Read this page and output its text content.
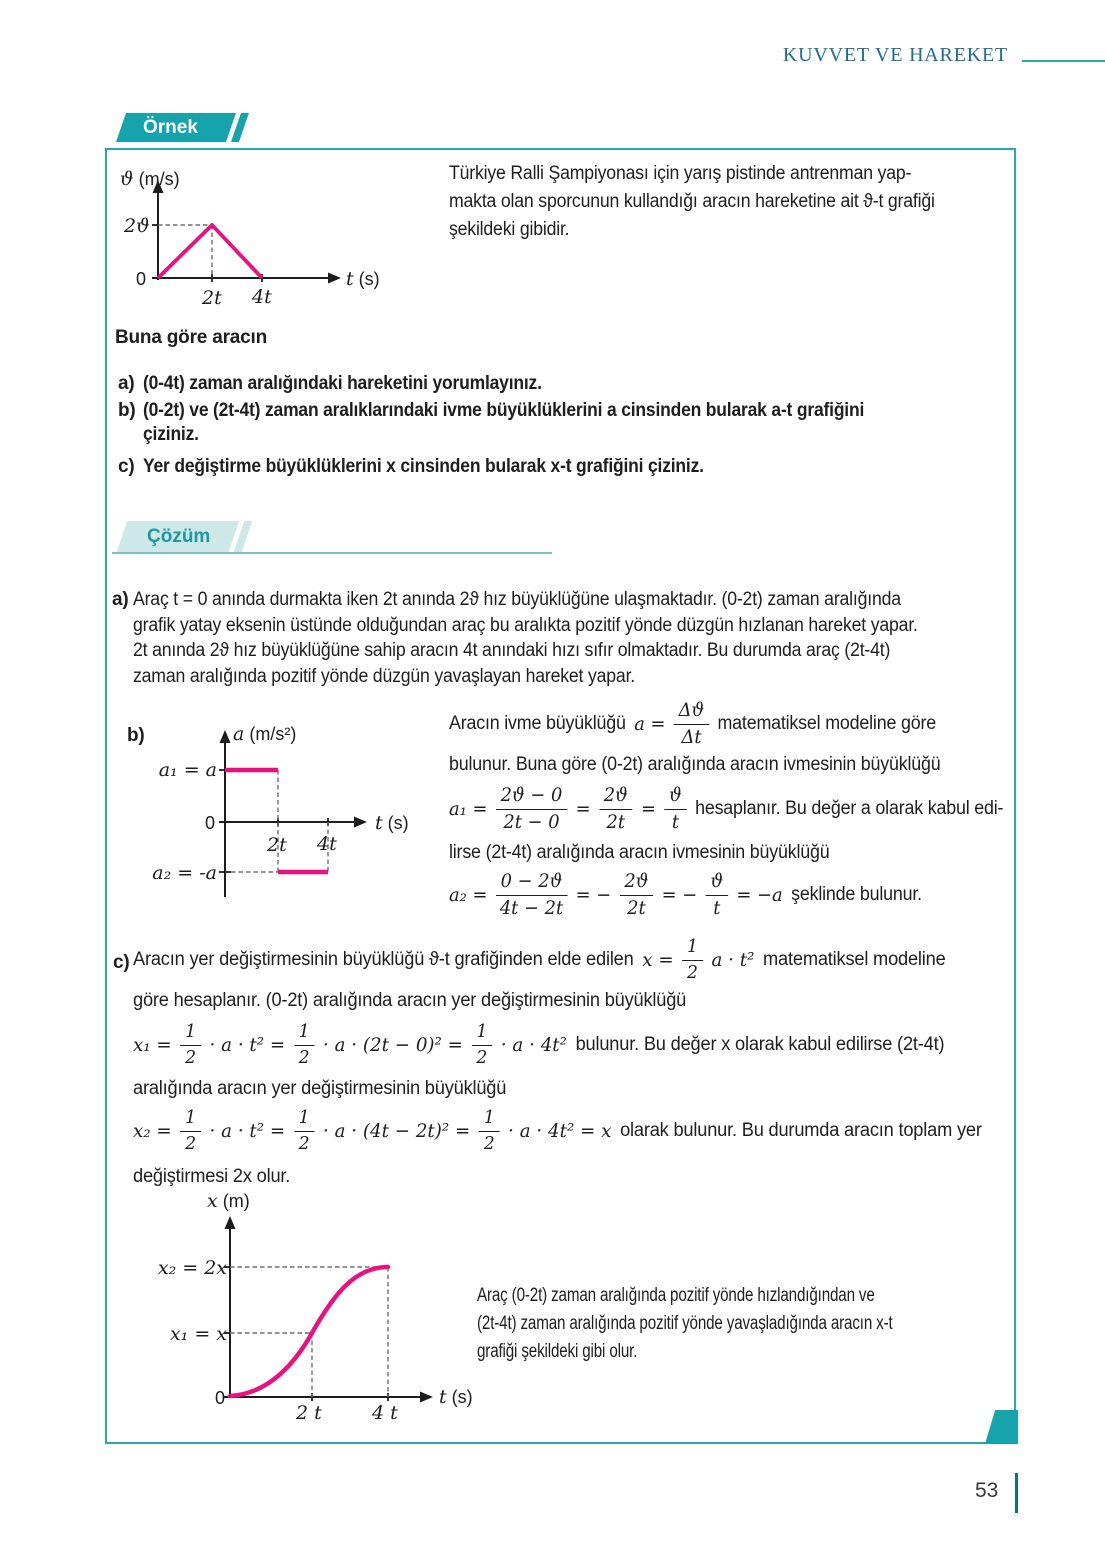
KUVVET VE HAREKET
Örnek
ϑ (m/s)
2ϑ
0
2t 4t
t (s)
Türkiye Ralli Şampiyonası için yarış pistinde antrenman yap-
makta olan sporcunun kullandığı aracın hareketine ait ϑ-t grafiği
şekildeki gibidir.
Buna göre aracın
a) (0-4t) zaman aralığındaki hareketini yorumlayınız.
b) (0-2t) ve (2t-4t) zaman aralıklarındaki ivme büyüklüklerini a cinsinden bularak a-t grafiğini
çiziniz.
c) Yer değiştirme büyüklüklerini x cinsinden bularak x-t grafiğini çiziniz.
Çözüm
a) Araç t = 0 anında durmakta iken 2t anında 2ϑ hız büyüklüğüne ulaşmaktadır. (0-2t) zaman aralığında
grafik yatay eksenin üstünde olduğundan araç bu aralıkta pozitif yönde düzgün hızlanan hareket yapar.
2t anında 2ϑ hız büyüklüğüne sahip aracın 4t anındaki hızı sıfır olmaktadır. Bu durumda araç (2t-4t)
zaman aralığında pozitif yönde düzgün yavaşlayan hareket yapar.
b)	a (m/s²)
a₁ = a
0
2t 4t
t (s)
a₂ = -a
Aracın ivme büyüklüğü $a = \frac{\Delta ϑ}{\Delta t}$ matematiksel modeline göre
bulunur. Buna göre (0-2t) aralığında aracın ivmesinin büyüklüğü
$a_1 = \frac{2ϑ - 0}{2t - 0} = \frac{2ϑ}{2t} = \frac{ϑ}{t}$ hesaplanır. Bu değer a olarak kabul edi-
lirse (2t-4t) aralığında aracın ivmesinin büyüklüğü
$a_2 = \frac{0 - 2ϑ}{4t - 2t}$ = − $\frac{2ϑ}{2t}$ = − $\frac{ϑ}{t} = -a$ şeklinde bulunur.
c) Aracın yer değiştirmesinin büyüklüğü ϑ-t grafiğinden elde edilen $x = \frac{1}{2}$ a · t² matematiksel modeline
göre hesaplanır. (0-2t) aralığında aracın yer değiştirmesinin büyüklüğü
$x_1 = \frac{1}{2} \cdot a \cdot t^2 = \frac{1}{2} \cdot a \cdot (2t - 0)^2 = \frac{1}{2} \cdot a \cdot 4t^2$ bulunur. Bu değer x olarak kabul edilirse (2t-4t)
aralığında aracın yer değiştirmesinin büyüklüğü
$x_2 = \frac{1}{2} \cdot a \cdot t^2 = \frac{1}{2} \cdot a \cdot (4t - 2t)^2 = \frac{1}{2} \cdot a \cdot 4t^2 = x$ olarak bulunur. Bu durumda aracın toplam yer
değiştirmesi 2x olur.
x (m)
x₂ = 2x
x₁ = x
0
2 t	4 t
t (s)
Araç (0-2t) zaman aralığında pozitif yönde hızlandığından ve
(2t-4t) zaman aralığında pozitif yönde yavaşladığında aracın x-t
grafiği şekildeki gibi olur.
53
